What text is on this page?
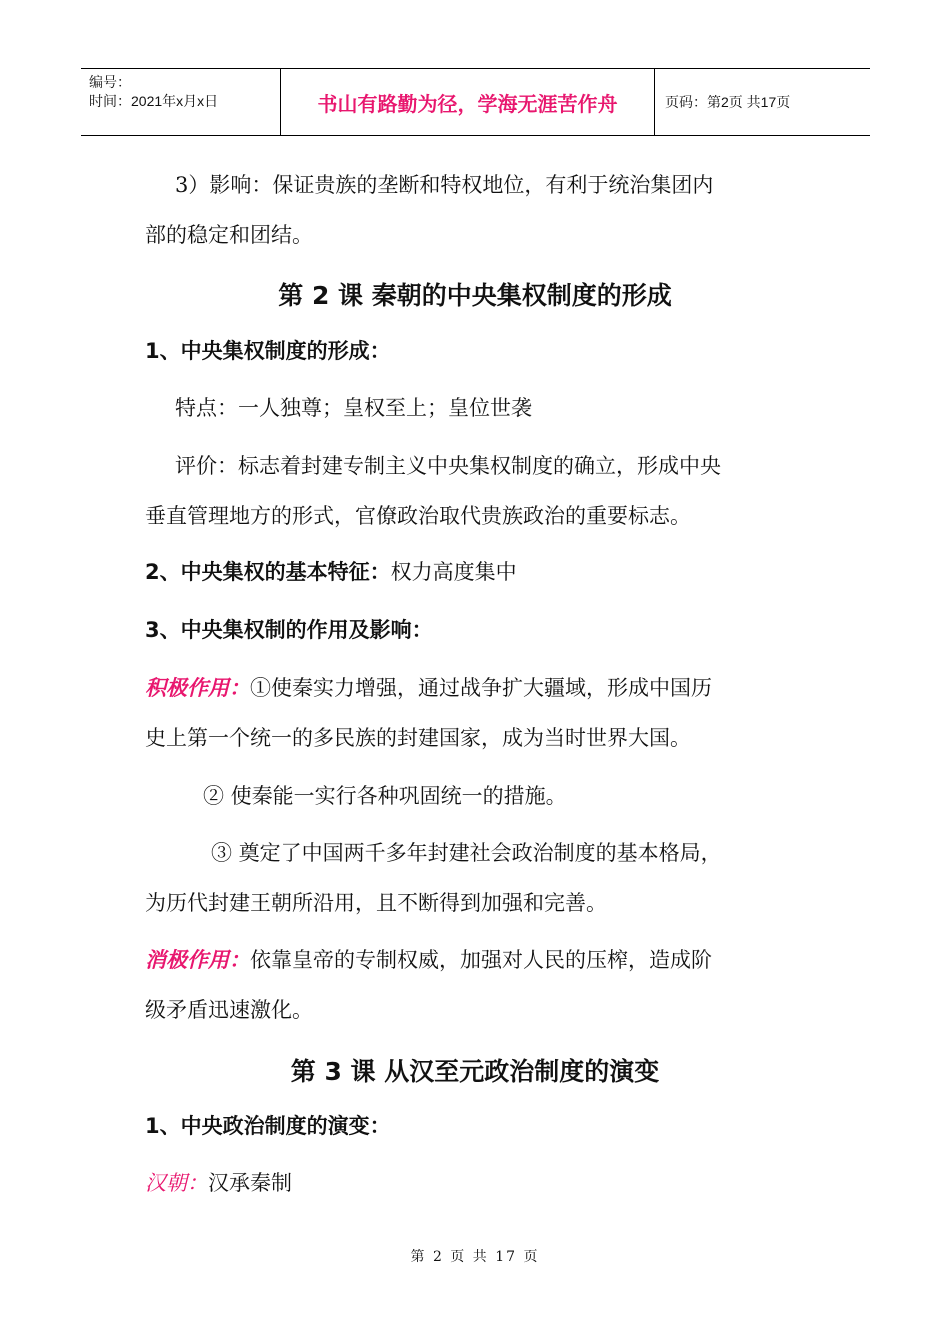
编号：
时间：2021年x月x日	书山有路勤为径，学海无涯苦作舟	页码：第2页 共17页
3）影响：保证贵族的垄断和特权地位，有利于统治集团内
部的稳定和团结。
第 2 课 秦朝的中央集权制度的形成
1、中央集权制度的形成：
特点：一人独尊；皇权至上；皇位世袭
评价：标志着封建专制主义中央集权制度的确立，形成中央
垂直管理地方的形式，官僚政治取代贵族政治的重要标志。
2、中央集权的基本特征：权力高度集中
3、中央集权制的作用及影响：
积极作用：①使秦实力增强，通过战争扩大疆域，形成中国历
史上第一个统一的多民族的封建国家，成为当时世界大国。
② 使秦能一实行各种巩固统一的措施。
③ 奠定了中国两千多年封建社会政治制度的基本格局，
为历代封建王朝所沿用，且不断得到加强和完善。
消极作用：依靠皇帝的专制权威，加强对人民的压榨，造成阶
级矛盾迅速激化。
第 3 课 从汉至元政治制度的演变
1、中央政治制度的演变：
汉朝：汉承秦制
第 2 页 共 17 页
